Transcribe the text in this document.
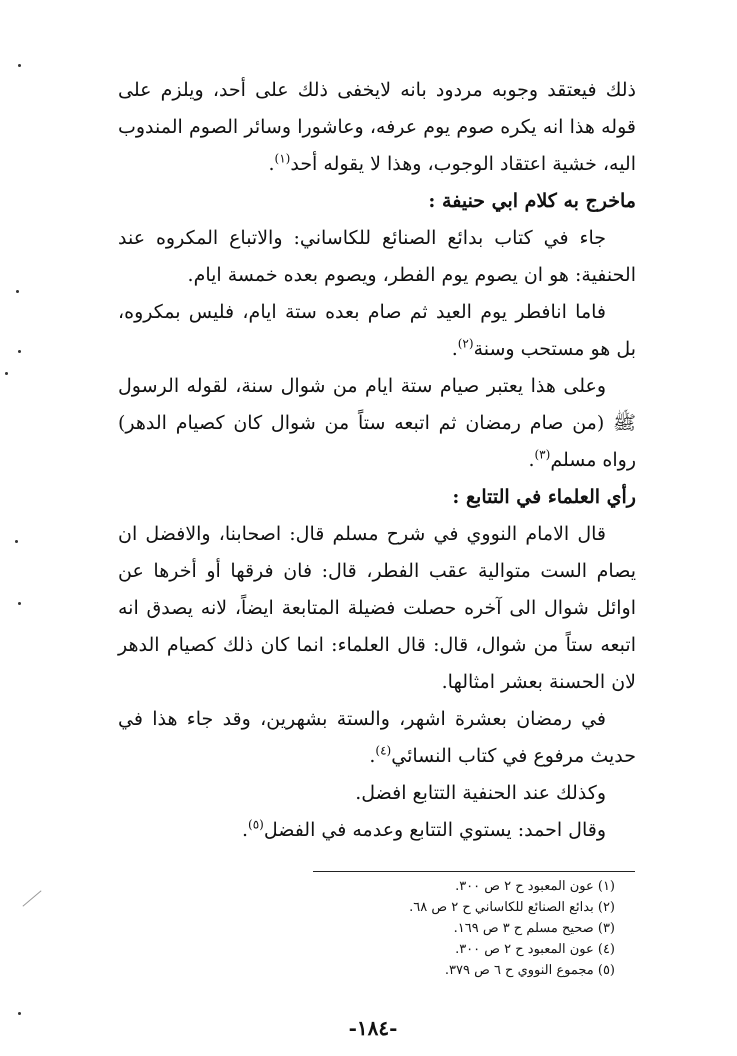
ذلك فيعتقد وجوبه مردود بانه لايخفى ذلك على أحد، ويلزم على قوله هذا انه يكره صوم يوم عرفه، وعاشورا وسائر الصوم المندوب اليه، خشية اعتقاد الوجوب، وهذا لا يقوله أحد$^{(١)}$.

ماخرج به كلام ابي حنيفة :

جاء في كتاب بدائع الصنائع للكاساني: والاتباع المكروه عند الحنفية: هو ان يصوم يوم الفطر، ويصوم بعده خمسة ايام.

فاما انافطر يوم العيد ثم صام بعده ستة ايام، فليس بمكروه، بل هو مستحب وسنة$^{(٢)}$.

وعلى هذا يعتبر صيام ستة ايام من شوال سنة، لقوله الرسول ﷺ (من صام رمضان ثم اتبعه ستاً من شوال كان كصيام الدهر) رواه مسلم$^{(٣)}$.

رأي العلماء في التتابع :

قال الامام النووي في شرح مسلم قال: اصحابنا، والافضل ان يصام الست متوالية عقب الفطر، قال: فان فرقها أو أخرها عن اوائل شوال الى آخره حصلت فضيلة المتابعة ايضاً، لانه يصدق انه اتبعه ستاً من شوال، قال: قال العلماء: انما كان ذلك كصيام الدهر لان الحسنة بعشر امثالها.

في رمضان بعشرة اشهر، والستة بشهرين، وقد جاء هذا في حديث مرفوع في كتاب النسائي$^{(٤)}$.

وكذلك عند الحنفية التتابع افضل.

وقال احمد: يستوي التتابع وعدمه في الفضل$^{(٥)}$.

(١) عون المعبود ح ٢ ص ٣٠٠.
(٢) بدائع الصنائع للكاساني ح ٢ ص ٦٨.
(٣) صحيح مسلم ح ٣ ص ١٦٩.
(٤) عون المعبود ح ٢ ص ٣٠٠.
(٥) مجموع النووي ح ٦ ص ٣٧٩.
-١٨٤-
